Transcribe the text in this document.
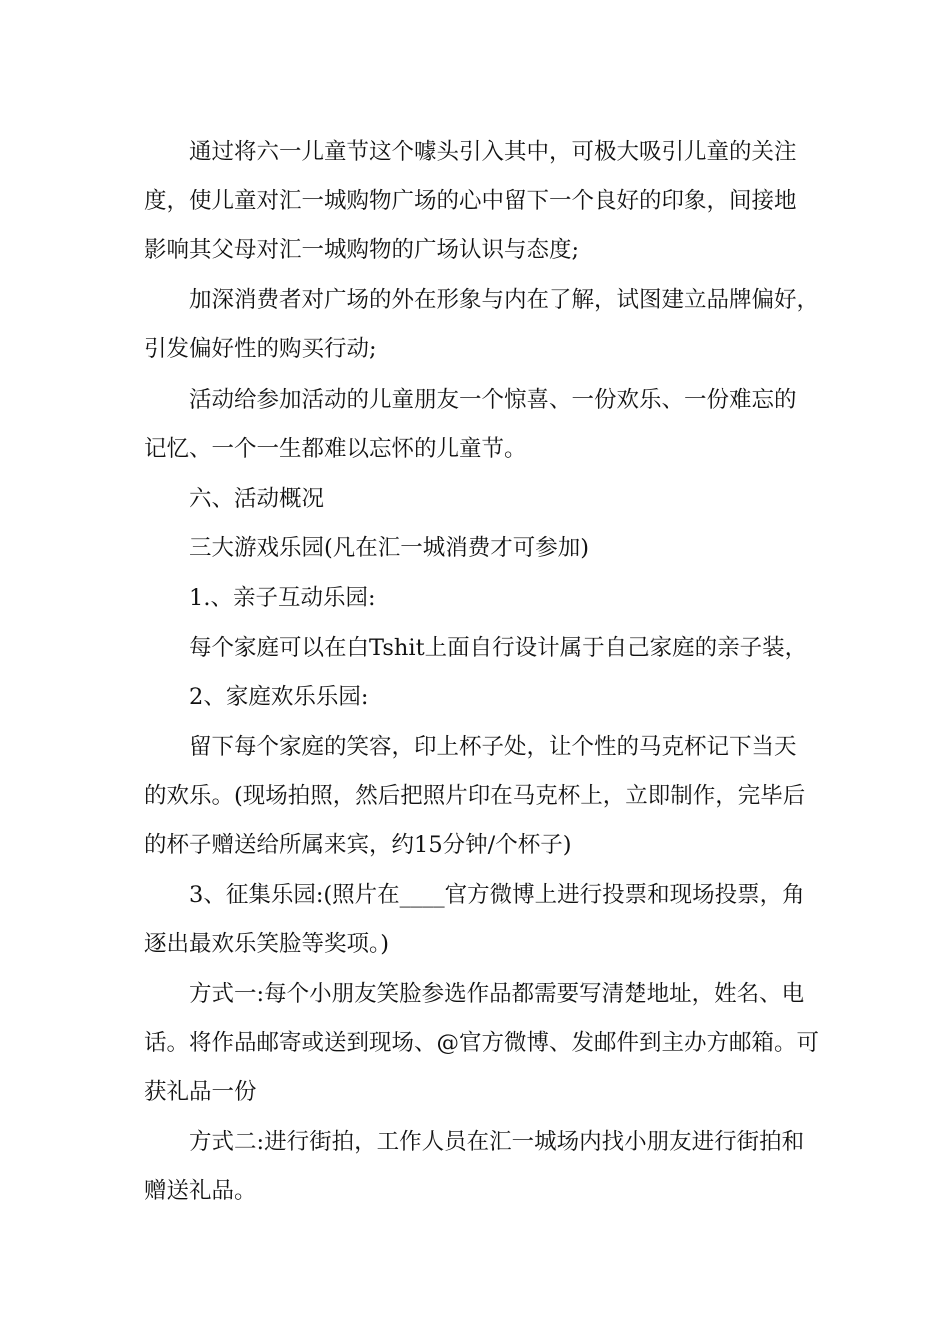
通过将六一儿童节这个噱头引入其中，可极大吸引儿童的关注
度，使儿童对汇一城购物广场的心中留下一个良好的印象，间接地
影响其父母对汇一城购物的广场认识与态度;
加深消费者对广场的外在形象与内在了解，试图建立品牌偏好，
引发偏好性的购买行动;
活动给参加活动的儿童朋友一个惊喜、一份欢乐、一份难忘的
记忆、一个一生都难以忘怀的儿童节。
六、活动概况
三大游戏乐园(凡在汇一城消费才可参加)
1.、亲子互动乐园:
每个家庭可以在白Tshit上面自行设计属于自己家庭的亲子装，
2、家庭欢乐乐园:
留下每个家庭的笑容，印上杯子处，让个性的马克杯记下当天
的欢乐。(现场拍照，然后把照片印在马克杯上，立即制作，完毕后
的杯子赠送给所属来宾，约15分钟/个杯子)
3、征集乐园:(照片在____官方微博上进行投票和现场投票，角
逐出最欢乐笑脸等奖项。)
方式一:每个小朋友笑脸参选作品都需要写清楚地址，姓名、电
话。将作品邮寄或送到现场、@官方微博、发邮件到主办方邮箱。可
获礼品一份
方式二:进行街拍，工作人员在汇一城场内找小朋友进行街拍和
赠送礼品。
